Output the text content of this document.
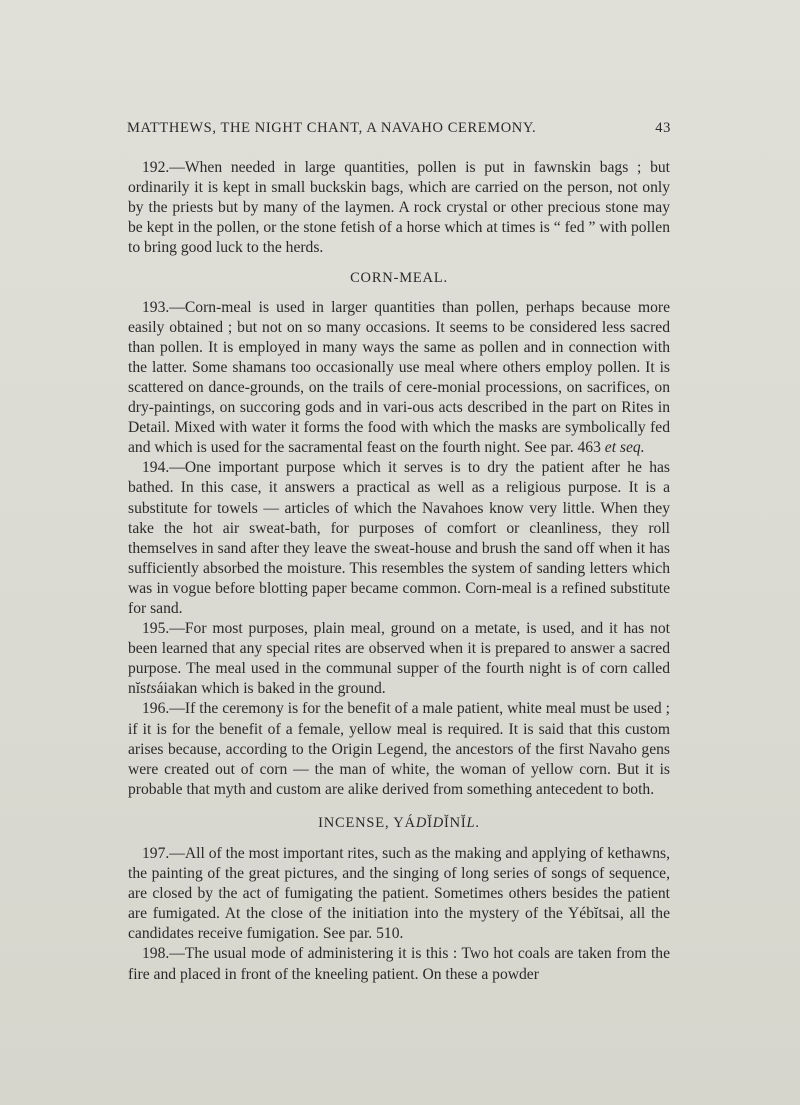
MATTHEWS, THE NIGHT CHANT, A NAVAHO CEREMONY.	43

192.—When needed in large quantities, pollen is put in fawnskin bags ; but ordinarily it is kept in small buckskin bags, which are carried on the person, not only by the priests but by many of the laymen. A rock crystal or other precious stone may be kept in the pollen, or the stone fetish of a horse which at times is “ fed ” with pollen to bring good luck to the herds.

CORN-MEAL.

193.—Corn-meal is used in larger quantities than pollen, perhaps because more easily obtained ; but not on so many occasions. It seems to be considered less sacred than pollen. It is employed in many ways the same as pollen and in connection with the latter. Some shamans too occasionally use meal where others employ pollen. It is scattered on dance-grounds, on the trails of cere-monial processions, on sacrifices, on dry-paintings, on succoring gods and in vari-ous acts described in the part on Rites in Detail. Mixed with water it forms the food with which the masks are symbolically fed and which is used for the sacramental feast on the fourth night. See par. 463 et seq.

194.—One important purpose which it serves is to dry the patient after he has bathed. In this case, it answers a practical as well as a religious purpose. It is a substitute for towels — articles of which the Navahoes know very little. When they take the hot air sweat-bath, for purposes of comfort or cleanliness, they roll themselves in sand after they leave the sweat-house and brush the sand off when it has sufficiently absorbed the moisture. This resembles the system of sanding letters which was in vogue before blotting paper became common. Corn-meal is a refined substitute for sand.

195.—For most purposes, plain meal, ground on a metate, is used, and it has not been learned that any special rites are observed when it is prepared to answer a sacred purpose. The meal used in the communal supper of the fourth night is of corn called nĭstsáiakan which is baked in the ground.

196.—If the ceremony is for the benefit of a male patient, white meal must be used ; if it is for the benefit of a female, yellow meal is required. It is said that this custom arises because, according to the Origin Legend, the ancestors of the first Navaho gens were created out of corn — the man of white, the woman of yellow corn. But it is probable that myth and custom are alike derived from something antecedent to both.

INCENSE, YÁDĬDĬNĬL.

197.—All of the most important rites, such as the making and applying of kethawns, the painting of the great pictures, and the singing of long series of songs of sequence, are closed by the act of fumigating the patient. Sometimes others besides the patient are fumigated. At the close of the initiation into the mystery of the Yébĭtsai, all the candidates receive fumigation. See par. 510.

198.—The usual mode of administering it is this : Two hot coals are taken from the fire and placed in front of the kneeling patient. On these a powder
